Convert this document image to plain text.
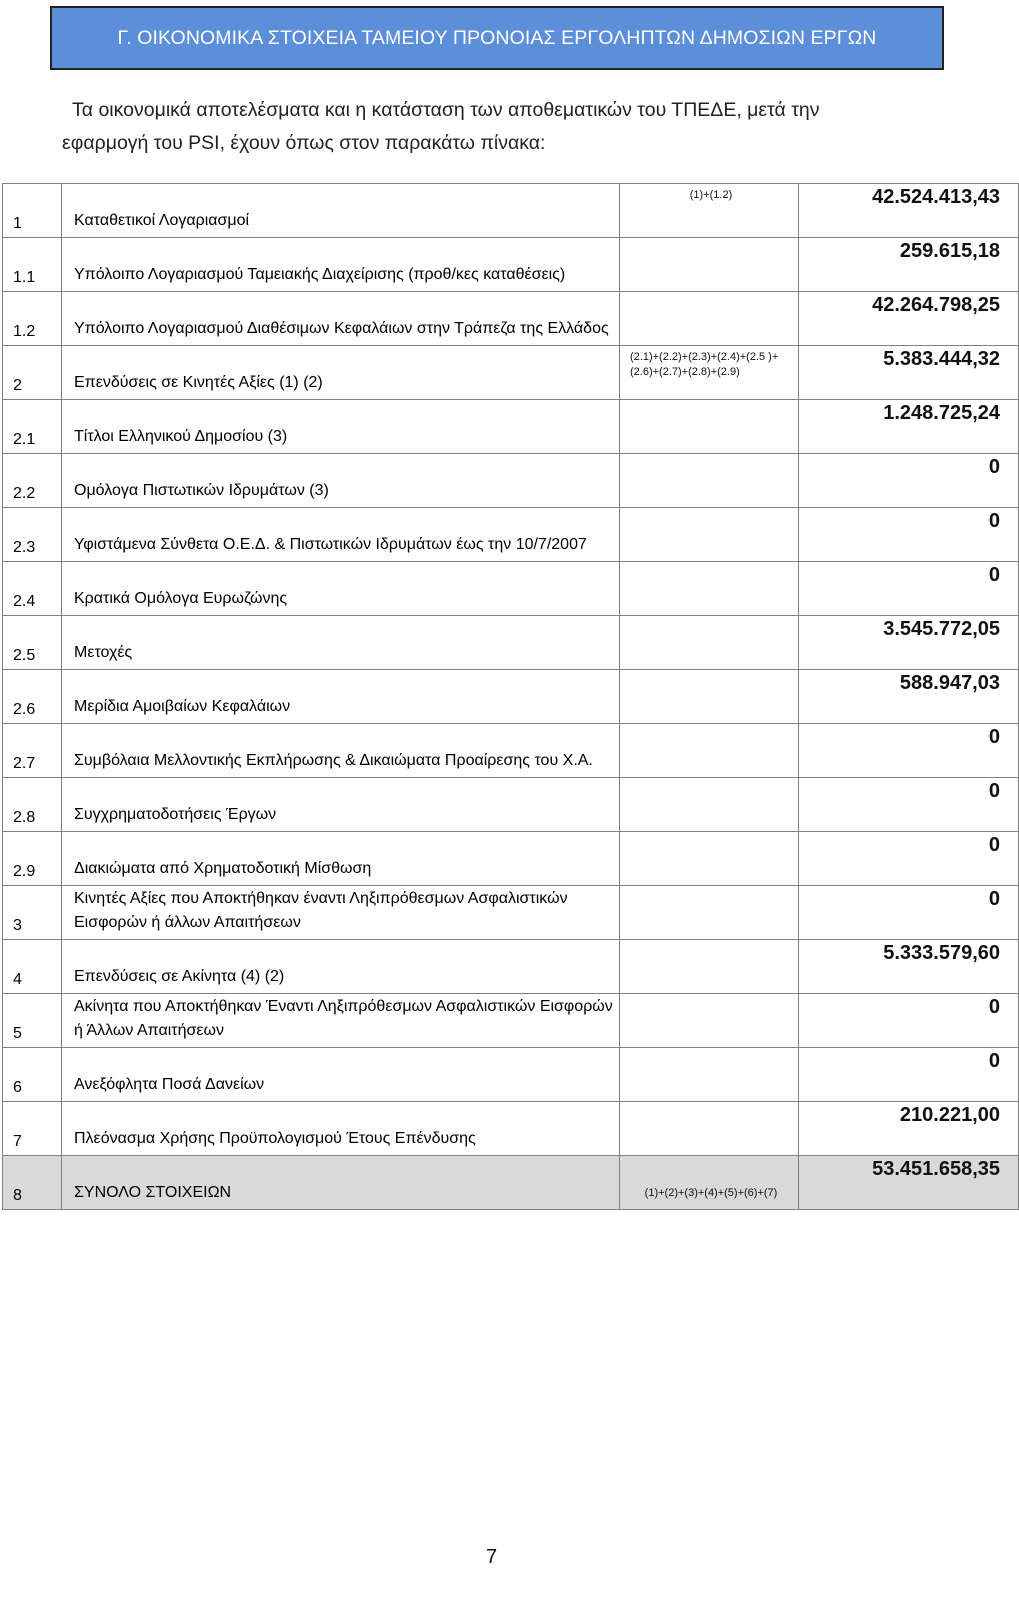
Γ. ΟΙΚΟΝΟΜΙΚΑ ΣΤΟΙΧΕΙΑ ΤΑΜΕΙΟΥ ΠΡΟΝΟΙΑΣ ΕΡΓΟΛΗΠΤΩΝ ΔΗΜΟΣΙΩΝ ΕΡΓΩΝ
Τα οικονομικά αποτελέσματα και η κατάσταση των αποθεματικών του ΤΠΕΔΕ, μετά την
εφαρμογή του PSI, έχουν όπως στον παρακάτω πίνακα:
1	Καταθετικοί Λογαριασμοί	(1)+(1.2)	42.524.413,43
1.1	Υπόλοιπο Λογαριασμού Ταμειακής Διαχείρισης (προθ/κες καταθέσεις)		259.615,18
1.2	Υπόλοιπο Λογαριασμού Διαθέσιμων Κεφαλάιων στην Τράπεζα της Ελλάδος		42.264.798,25
2	Επενδύσεις σε Κινητές Αξίες (1) (2)	(2.1)+(2.2)+(2.3)+(2.4)+(2.5 )+(2.6)+(2.7)+(2.8)+(2.9)	5.383.444,32
2.1	Τίτλοι Ελληνικού Δημοσίου (3)		1.248.725,24
2.2	Ομόλογα Πιστωτικών Ιδρυμάτων (3)		0
2.3	Υφιστάμενα Σύνθετα Ο.Ε.Δ. & Πιστωτικών Ιδρυμάτων έως την 10/7/2007		0
2.4	Κρατικά Ομόλογα Ευρωζώνης		0
2.5	Μετοχές		3.545.772,05
2.6	Μερίδια Αμοιβαίων Κεφαλάιων		588.947,03
2.7	Συμβόλαια Μελλοντικής Εκπλήρωσης & Δικαιώματα Προαίρεσης του Χ.Α.		0
2.8	Συγχρηματοδοτήσεις Έργων		0
2.9	Διακιώματα από Χρηματοδοτική Μίσθωση		0
3	Κινητές Αξίες που Αποκτήθηκαν έναντι Ληξιπρόθεσμων Ασφαλιστικών Εισφορών ή άλλων Απαιτήσεων		0
4	Επενδύσεις σε Ακίνητα (4) (2)		5.333.579,60
5	Ακίνητα που Αποκτήθηκαν Έναντι Ληξιπρόθεσμων Ασφαλιστικών Εισφορών ή Άλλων Απαιτήσεων		0
6	Ανεξόφλητα Ποσά Δανείων		0
7	Πλεόνασμα Χρήσης Προϋπολογισμού Έτους Επένδυσης		210.221,00
8	ΣΥΝΟΛΟ ΣΤΟΙΧΕΙΩΝ	(1)+(2)+(3)+(4)+(5)+(6)+(7)	53.451.658,35
7
